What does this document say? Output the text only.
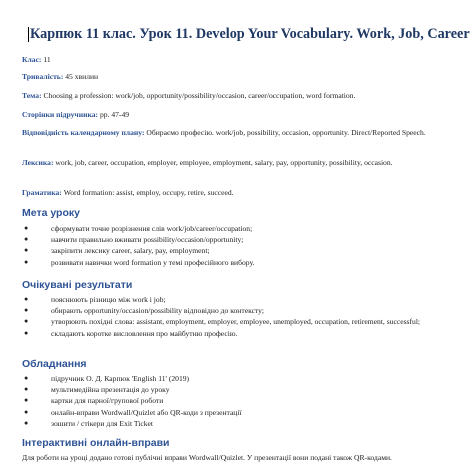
Карпюк 11 клас. Урок 11. Develop Your Vocabulary. Work, Job, Career
Клас: 11
Тривалість: 45 хвилин
Тема: Choosing a profession: work/job, opportunity/possibility/occasion, career/occupation, word formation.
Сторінки підручника: pp. 47-49
Відповідність календарному плану: Обираємо професію. work/job, possibility, occasion, opportunity. Direct/Reported Speech.
Лексика: work, job, career, occupation, employer, employee, employment, salary, pay, opportunity, possibility, occasion.
Граматика: Word formation: assist, employ, occupy, retire, succeed.
Мета уроку
●	сформувати точне розрізнення слів work/job/career/occupation;
●	навчити правильно вживати possibility/occasion/opportunity;
●	закріпити лексику career, salary, pay, employment;
●	розвивати навички word formation у темі професійного вибору.
Очікувані результати
●	пояснюють різницю між work і job;
●	обирають opportunity/occasion/possibility відповідно до контексту;
●	утворюють похідні слова: assistant, employment, employer, employee, unemployed, occupation, retirement, successful;
●	складають коротке висловлення про майбутню професію.
Обладнання
●	підручник О. Д. Карпюк 'English 11' (2019)
●	мультимедійна презентація до уроку
●	картки для парної/групової роботи
●	онлайн-вправи Wordwall/Quizlet або QR-коди з презентації
●	зошити / стікери для Exit Ticket
Інтерактивні онлайн-вправи
Для роботи на уроці додано готові публічні вправи Wordwall/Quizlet. У презентації вони подані також QR-кодами.
